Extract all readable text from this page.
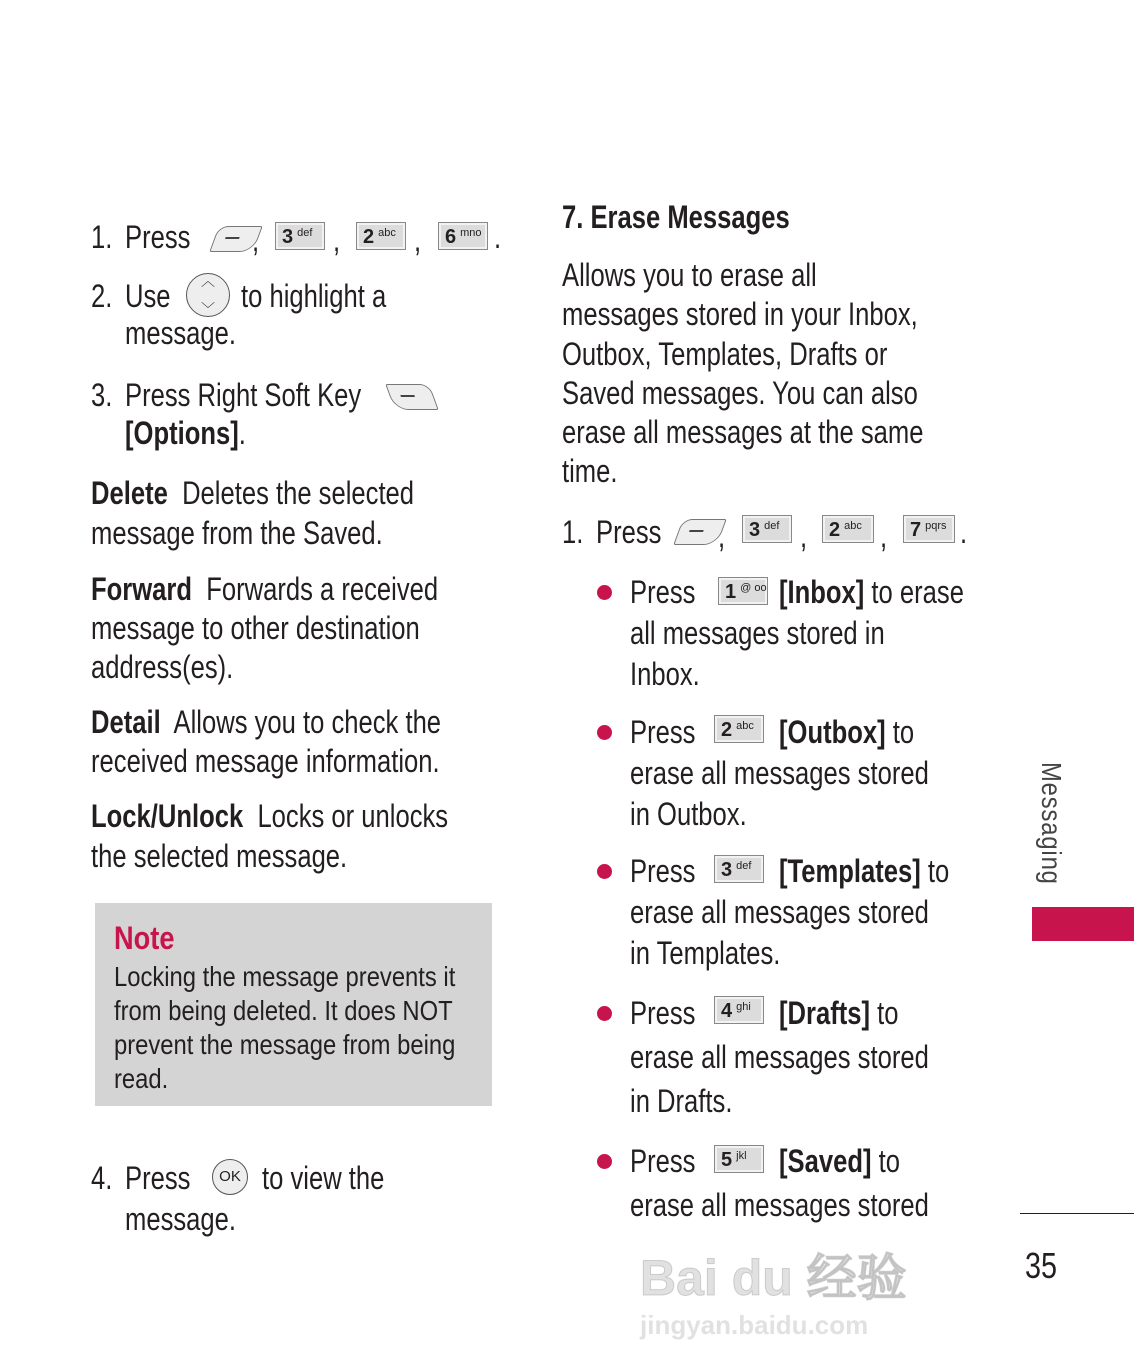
1. Press ,	3 $^{def}$ ,	2 $^{abc}$ ,	6 $^{mno}$ .
2. Use	︿

﹀ to highlight a
message.
3. Press Right Soft Key
[Options].
Delete Deletes the selected
message from the Saved.
Forward Forwards a received
message to other destination
address(es).
Detail Allows you to check the
received message information.
Lock/Unlock Locks or unlocks
the selected message.
Note
Locking the message prevents it
from being deleted. It does NOT
prevent the message from being
read.
4. Press	OK to view the
message.
7. Erase Messages
Allows you to erase all
messages stored in your Inbox,
Outbox, Templates, Drafts or
Saved messages. You can also
erase all messages at the same
time.
1. Press ,	3 $^{def}$ ,	2 $^{abc}$ ,	7 $^{pqrs}$ .
Press	1 $^{@ oo}$ [Inbox] to erase
all messages stored in
Inbox.
Press	2 $^{abc}$ [Outbox] to
erase all messages stored
in Outbox.
Press	3 $^{def}$ [Templates] to
erase all messages stored
in Templates.
Press	4 $^{ghi}$ [Drafts] to
erase all messages stored
in Drafts.
Press	5 $^{jkl}$	[Saved] to
erase all messages stored
Messaging
35
Bai du 经验
jingyan.baidu.com
